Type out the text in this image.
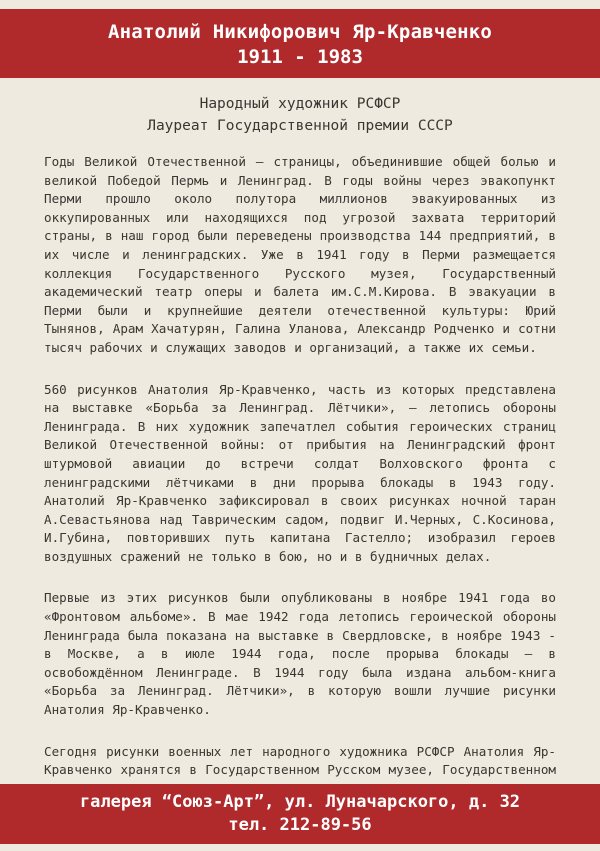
Анатолий Никифорович Яр-Кравченко
1911 - 1983
Народный художник РСФСР
Лауреат Государственной премии СССР

Годы Великой Отечественной – страницы, объединившие общей болью и великой Победой Пермь и Ленинград. В годы войны через эвакопункт Перми прошло около полутора миллионов эвакуированных из оккупированных или находящихся под угрозой захвата территорий страны, в наш город были переведены производства 144 предприятий, в их числе и ленинградских. Уже в 1941 году в Перми размещается коллекция Государственного Русского музея, Государственный академический театр оперы и балета им.С.М.Кирова. В эвакуации в Перми были и крупнейшие деятели отечественной культуры: Юрий Тынянов, Арам Хачатурян, Галина Уланова, Александр Родченко и сотни тысяч рабочих и служащих заводов и организаций, а также их семьи.

560 рисунков Анатолия Яр-Кравченко, часть из которых представлена на выставке «Борьба за Ленинград. Лётчики», – летопись обороны Ленинграда. В них художник запечатлел события героических страниц Великой Отечественной войны: от прибытия на Ленинградский фронт штурмовой авиации до встречи солдат Волховского фронта с ленинградскими лётчиками в дни прорыва блокады в 1943 году. Анатолий Яр-Кравченко зафиксировал в своих рисунках ночной таран А.Севастьянова над Таврическим садом, подвиг И.Черных, С.Косинова, И.Губина, повторивших путь капитана Гастелло; изобразил героев воздушных сражений не только в бою, но и в будничных делах.

Первые из этих рисунков были опубликованы в ноябре 1941 года во «Фронтовом альбоме». В мае 1942 года летопись героической обороны Ленинграда была показана на выставке в Свердловске, в ноябре 1943 - в Москве, а в июле 1944 года, после прорыва блокады – в освобождённом Ленинграде. В 1944 году была издана альбом-книга «Борьба за Ленинград. Лётчики», в которую вошли лучшие рисунки Анатолия Яр-Кравченко.

Сегодня рисунки военных лет народного художника РСФСР Анатолия Яр-Кравченко хранятся в Государственном Русском музее, Государственном

галерея “Союз-Арт”, ул. Луначарского, д. 32
тел. 212-89-56
